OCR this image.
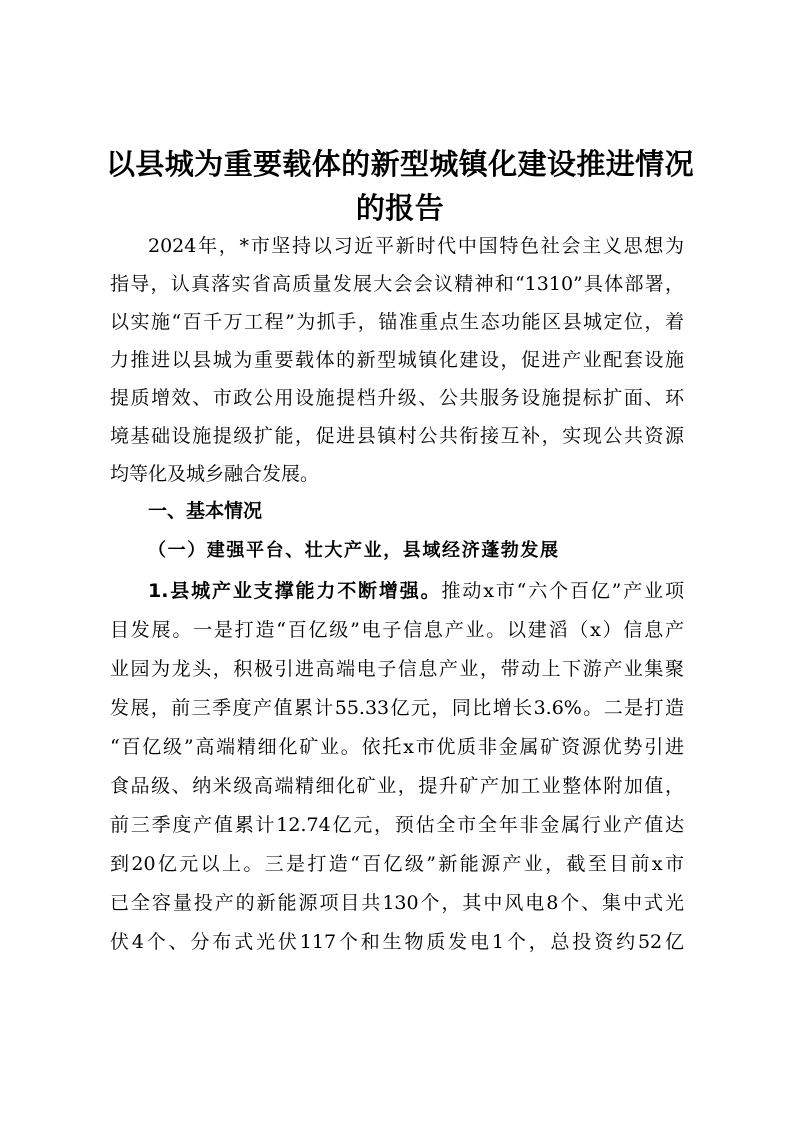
以县城为重要载体的新型城镇化建设推进情况
的报告
2024年，*市坚持以习近平新时代中国特色社会主义思想为
指导，认真落实省高质量发展大会会议精神和“1310”具体部署，
以实施“百千万工程”为抓手，锚准重点生态功能区县城定位，着
力推进以县城为重要载体的新型城镇化建设，促进产业配套设施
提质增效、市政公用设施提档升级、公共服务设施提标扩面、环
境基础设施提级扩能，促进县镇村公共衔接互补，实现公共资源
均等化及城乡融合发展。
一、基本情况
（一）建强平台、壮大产业，县域经济蓬勃发展
1.县城产业支撑能力不断增强。推动x市“六个百亿”产业项
目发展。一是打造“百亿级”电子信息产业。以建滔（x）信息产
业园为龙头，积极引进高端电子信息产业，带动上下游产业集聚
发展，前三季度产值累计55.33亿元，同比增长3.6%。二是打造
“百亿级”高端精细化矿业。依托x市优质非金属矿资源优势引进
食品级、纳米级高端精细化矿业，提升矿产加工业整体附加值，
前三季度产值累计12.74亿元，预估全市全年非金属行业产值达
到20亿元以上。三是打造“百亿级”新能源产业，截至目前x市
已全容量投产的新能源项目共130个，其中风电8个、集中式光
伏4个、分布式光伏117个和生物质发电1个，总投资约52亿
